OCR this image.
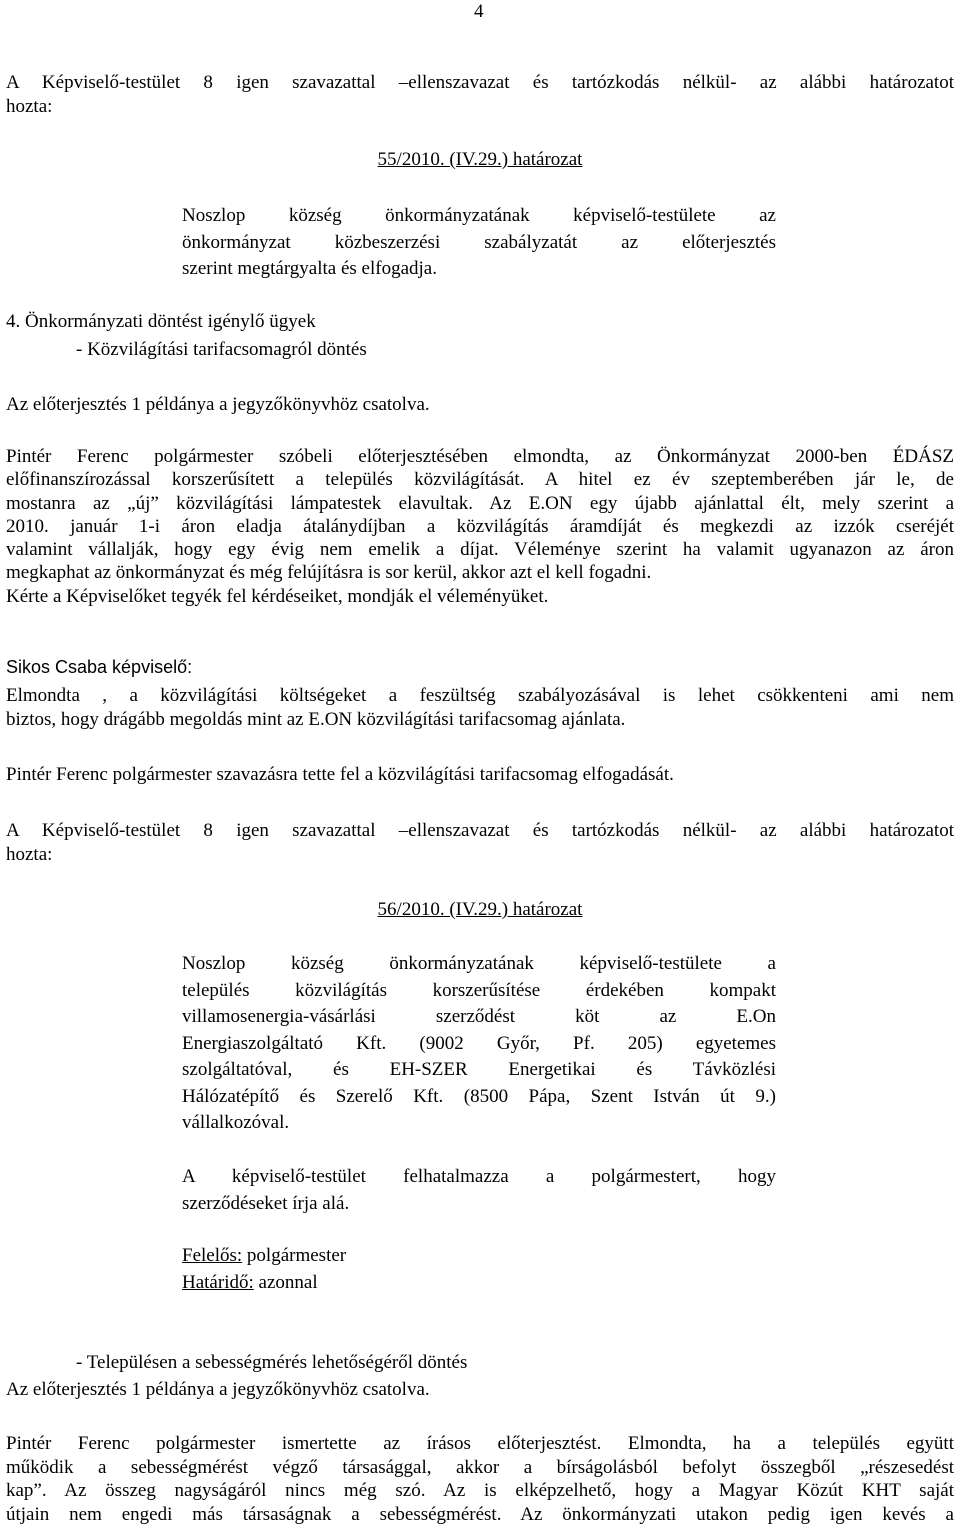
4
A Képviselő-testület 8 igen szavazattal –ellenszavazat és tartózkodás nélkül- az alábbi határozatot
hozta:
55/2010. (IV.29.) határozat
Noszlop község önkormányzatának képviselő-testülete az
önkormányzat közbeszerzési szabályzatát az előterjesztés
szerint megtárgyalta és elfogadja.
4. Önkormányzati döntést igénylő ügyek
- Közvilágítási tarifacsomagról döntés
Az előterjesztés 1 példánya a jegyzőkönyvhöz csatolva.
Pintér Ferenc polgármester szóbeli előterjesztésében elmondta, az Önkormányzat 2000-ben ÉDÁSZ
előfinanszírozással korszerűsített a település közvilágítását. A hitel ez év szeptemberében jár le, de
mostanra az „új” közvilágítási lámpatestek elavultak. Az E.ON egy újabb ajánlattal élt, mely szerint a
2010. január 1-i áron eladja átalánydíjban a közvilágítás áramdíját és megkezdi az izzók cseréjét
valamint vállalják, hogy egy évig nem emelik a díjat. Véleménye szerint ha valamit ugyanazon az áron
megkaphat az önkormányzat és még felújításra is sor kerül, akkor azt el kell fogadni.
Kérte a Képviselőket tegyék fel kérdéseiket, mondják el véleményüket.
Sikos Csaba képviselő:
Elmondta , a közvilágítási költségeket a feszültség szabályozásával is lehet csökkenteni ami nem
biztos, hogy drágább megoldás mint az E.ON közvilágítási tarifacsomag ajánlata.
Pintér Ferenc polgármester szavazásra tette fel a közvilágítási tarifacsomag elfogadását.
A Képviselő-testület 8 igen szavazattal –ellenszavazat és tartózkodás nélkül- az alábbi határozatot
hozta:
56/2010. (IV.29.) határozat
Noszlop község önkormányzatának képviselő-testülete a
település közvilágítás korszerűsítése érdekében kompakt
villamosenergia-vásárlási szerződést köt az E.On
Energiaszolgáltató Kft. (9002 Győr, Pf. 205) egyetemes
szolgáltatóval, és EH-SZER Energetikai és Távközlési
Hálózatépítő és Szerelő Kft. (8500 Pápa, Szent István út 9.)
vállalkozóval.
A képviselő-testület felhatalmazza a polgármestert, hogy
szerződéseket írja alá.
Felelős: polgármester
Határidő: azonnal
- Településen a sebességmérés lehetőségéről döntés
Az előterjesztés 1 példánya a jegyzőkönyvhöz csatolva.
Pintér Ferenc polgármester ismertette az írásos előterjesztést. Elmondta, ha a település együtt
működik a sebességmérést végző társasággal, akkor a bírságolásból befolyt összegből „részesedést
kap”. Az összeg nagyságáról nincs még szó. Az is elképzelhető, hogy a Magyar Közút KHT saját
útjain nem engedi más társaságnak a sebességmérést. Az önkormányzati utakon pedig igen kevés a
